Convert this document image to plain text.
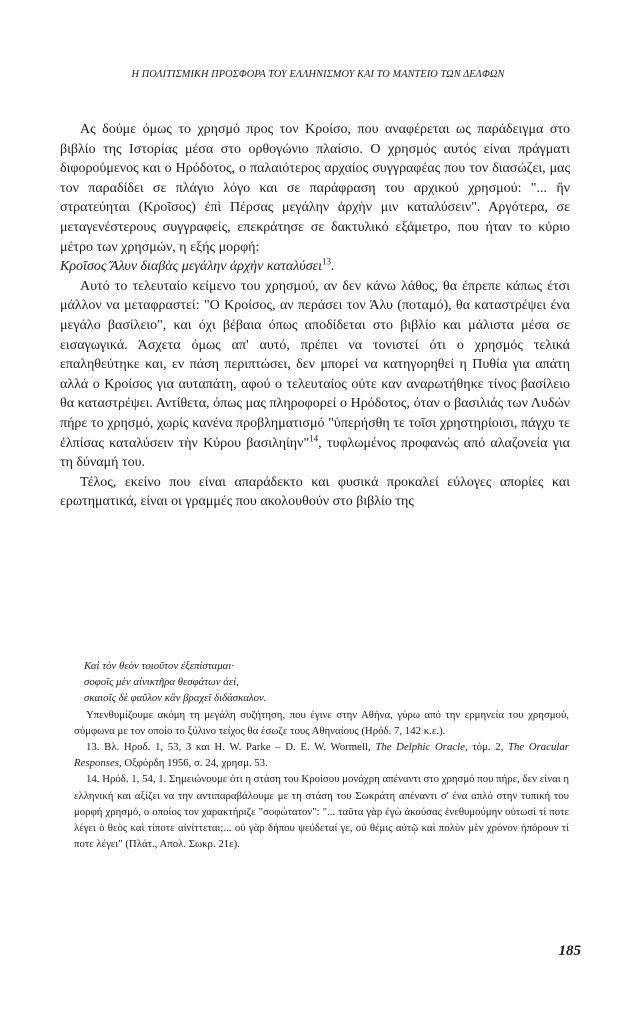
Η ΠΟΛΙΤΙΣΜΙΚΗ ΠΡΟΣΦΟΡΑ ΤΟΥ ΕΛΛΗΝΙΣΜΟΥ ΚΑΙ ΤΟ ΜΑΝΤΕΙΟ ΤΩΝ ΔΕΛΦΩΝ

Ας δούμε όμως το χρησμό προς τον Κροίσο, που αναφέρεται ως παράδειγμα στο βιβλίο της Ιστορίας μέσα στο ορθογώνιο πλαίσιο. Ο χρησμός αυτός είναι πράγματι διφορούμενος και ο Ηρόδοτος, ο παλαιότερος αρχαίος συγγραφέας που τον διασώζει, μας τον παραδίδει σε πλάγιο λόγο και σε παράφραση του αρχικού χρησμού: "... ἢν στρατεύηται (Κροῖσος) ἐπὶ Πέρσας μεγάλην ἀρχὴν μιν καταλύσειν". Αργότερα, σε μεταγενέστερους συγγραφείς, επεκράτησε σε δακτυλικό εξάμετρο, που ήταν το κύριο μέτρο των χρησμών, η εξής μορφή:

Κροῖσος Ἅλυν διαβὰς μεγάλην ἀρχὴν καταλύσει$^{13}$.

Αυτό το τελευταίο κείμενο του χρησμού, αν δεν κάνω λάθος, θα έπρεπε κάπως έτσι μάλλον να μεταφραστεί: "Ο Κροίσος, αν περάσει τον Άλυ (ποταμό), θα καταστρέψει ένα μεγάλο βασίλειο", και όχι βέβαια όπως αποδίδεται στο βιβλίο και μάλιστα μέσα σε εισαγωγικά. Άσχετα όμως απ' αυτό, πρέπει να τονιστεί ότι ο χρησμός τελικά επαληθεύτηκε και, εν πάση περιπτώσει, δεν μπορεί να κατηγορηθεί η Πυθία για απάτη αλλά ο Κροίσος για αυταπάτη, αφού ο τελευταίος ούτε καν αναρωτήθηκε τίνος βασίλειο θα καταστρέψει. Αντίθετα, όπως μας πληροφορεί ο Ηρόδοτος, όταν ο βασιλιάς των Λυδών πήρε το χρησμό, χωρίς κανένα προβληματισμό "ὑπερήσθη τε τοῖσι χρηστηρίοισι, πάγχυ τε ἐλπίσας καταλύσειν τὴν Κύρου βασιληίην"$^{14}$, τυφλωμένος προφανώς από αλαζονεία για τη δύναμή του.

Τέλος, εκείνο που είναι απαράδεκτο και φυσικά προκαλεί εύλογες απορίες και ερωτηματικά, είναι οι γραμμές που ακολουθούν στο βιβλίο της

Καὶ τὸν θεὸν τοιοῦτον ἐξεπίσταμαι·
σοφοῖς μὲν αἰνικτῆρα θεσφάτων ἀεί,
σκαιοῖς δὲ φαῦλον κἂν βραχεῖ διδάσκαλον.

Υπενθυμίζουμε ακόμη τη μεγάλη συζήτηση, που έγινε στην Αθήνα, γύρω από την ερμηνεία του χρησμού, σύμφωνα με τον οποίο το ξύλινο τείχος θα έσωζε τους Αθηναίους (Ηρόδ. 7, 142 κ.ε.).

13. Βλ. Ηροδ. 1, 53, 3 και H. W. Parke – D. E. W. Wormell, The Delphic Oracle, τόμ. 2, The Oracular Responses, Οξφόρδη 1956, σ. 24, χρησμ. 53.

14. Ηρόδ. 1, 54, 1. Σημειώνουμε ότι η στάση του Κροίσου μονάχρη απέναντι στο χρησμό που πήρε, δεν είναι η ελληνική και αξίζει να την αντιπαραβάλουμε με τη στάση του Σωκράτη απέναντι σ' ένα απλό στην τυπική του μορφή χρησμό, ο οποίος τον χαρακτήριζε "σοφώτατον": "... ταῦτα γὰρ ἐγὼ ἀκούσας ἐνεθυμούμην οὑτωσί τί ποτε λέγει ὁ θεὸς καὶ τίποτε αἰνίττεται;... οὐ γὰρ δήπου ψεύδεταί γε, οὐ θέμις αὐτῷ καὶ πολὺν μὲν χρόνον ἠπόρουν τί ποτε λέγει" (Πλάτ., Απολ. Σωκρ. 21ε).

185
